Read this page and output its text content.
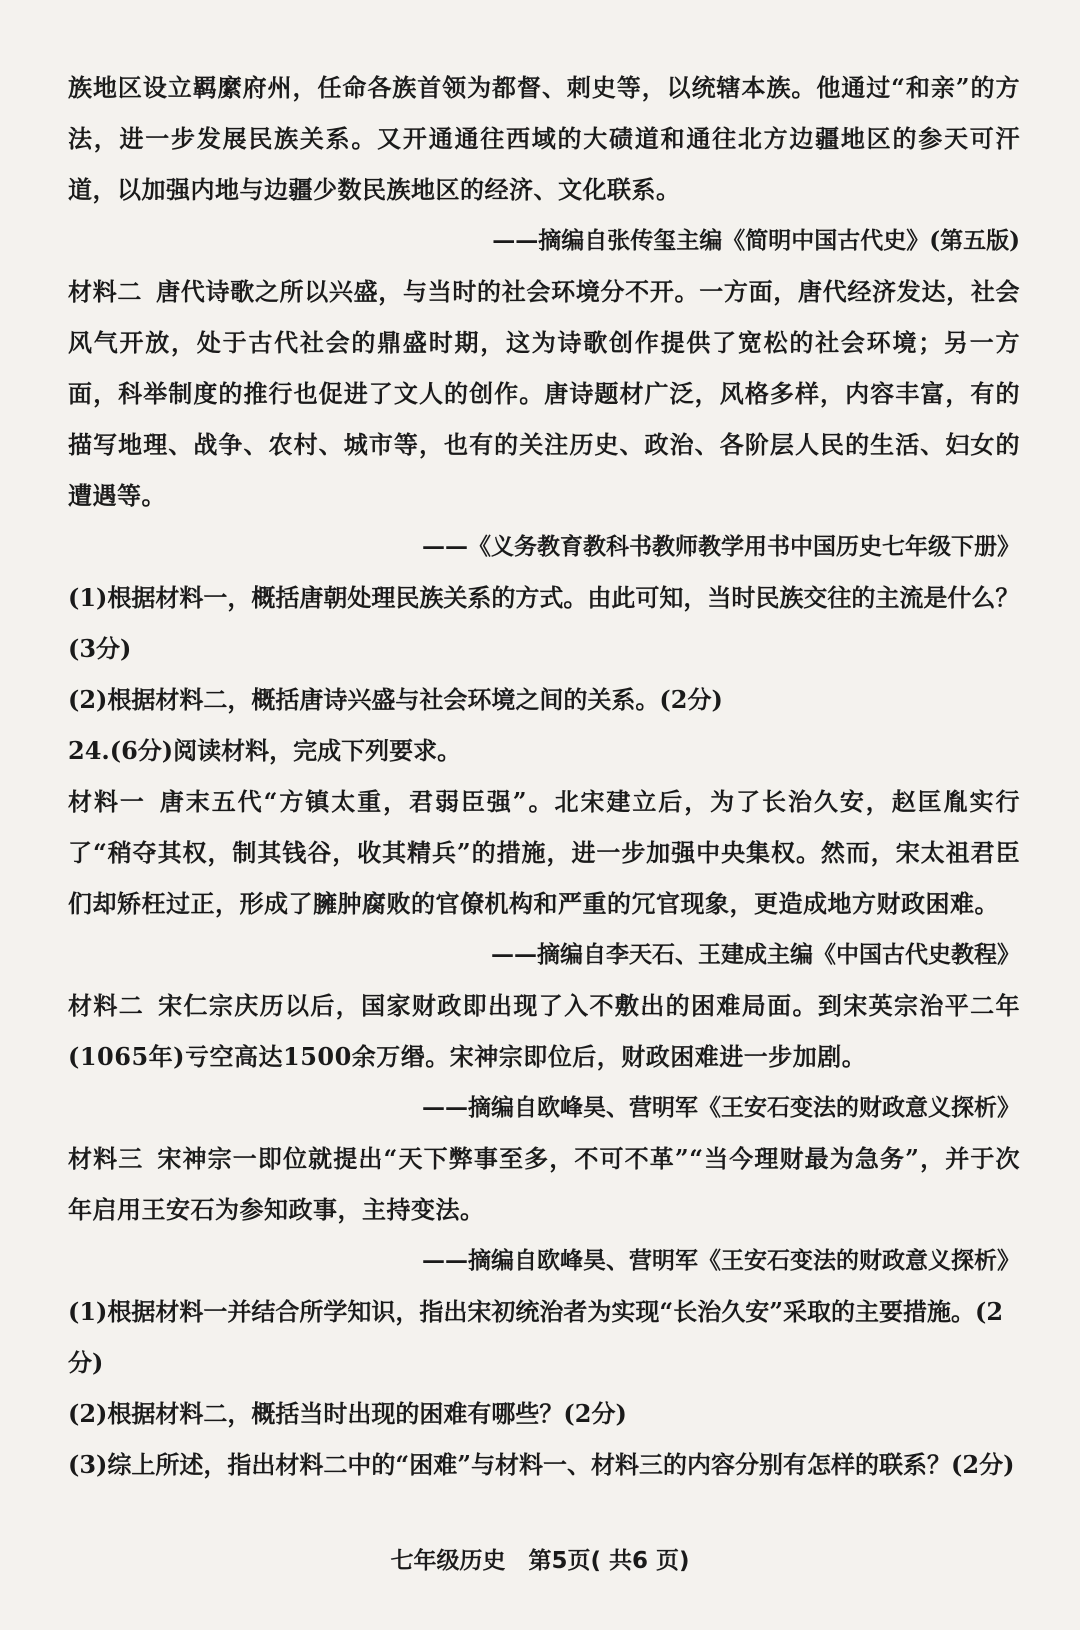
族地区设立羁縻府州，任命各族首领为都督、刺史等，以统辖本族。他通过“和亲”的方法，进一步发展民族关系。又开通通往西域的大碛道和通往北方边疆地区的参天可汗道，以加强内地与边疆少数民族地区的经济、文化联系。

——摘编自张传玺主编《简明中国古代史》(第五版)

材料二 唐代诗歌之所以兴盛，与当时的社会环境分不开。一方面，唐代经济发达，社会风气开放，处于古代社会的鼎盛时期，这为诗歌创作提供了宽松的社会环境；另一方面，科举制度的推行也促进了文人的创作。唐诗题材广泛，风格多样，内容丰富，有的描写地理、战争、农村、城市等，也有的关注历史、政治、各阶层人民的生活、妇女的遭遇等。

——《义务教育教科书教师教学用书中国历史七年级下册》

(1)根据材料一，概括唐朝处理民族关系的方式。由此可知，当时民族交往的主流是什么？(3分)

(2)根据材料二，概括唐诗兴盛与社会环境之间的关系。(2分)

24.(6分)阅读材料，完成下列要求。

材料一 唐末五代“方镇太重，君弱臣强”。北宋建立后，为了长治久安，赵匡胤实行了“稍夺其权，制其钱谷，收其精兵”的措施，进一步加强中央集权。然而，宋太祖君臣们却矫枉过正，形成了臃肿腐败的官僚机构和严重的冗官现象，更造成地方财政困难。

——摘编自李天石、王建成主编《中国古代史教程》

材料二 宋仁宗庆历以后，国家财政即出现了入不敷出的困难局面。到宋英宗治平二年(1065年)亏空高达1500余万缗。宋神宗即位后，财政困难进一步加剧。

——摘编自欧峰昊、营明军《王安石变法的财政意义探析》

材料三 宋神宗一即位就提出“天下弊事至多，不可不革”“当今理财最为急务”，并于次年启用王安石为参知政事，主持变法。

——摘编自欧峰昊、营明军《王安石变法的财政意义探析》

(1)根据材料一并结合所学知识，指出宋初统治者为实现“长治久安”采取的主要措施。(2分)

(2)根据材料二，概括当时出现的困难有哪些？(2分)

(3)综上所述，指出材料二中的“困难”与材料一、材料三的内容分别有怎样的联系？(2分)

七年级历史　第5页( 共6 页)
